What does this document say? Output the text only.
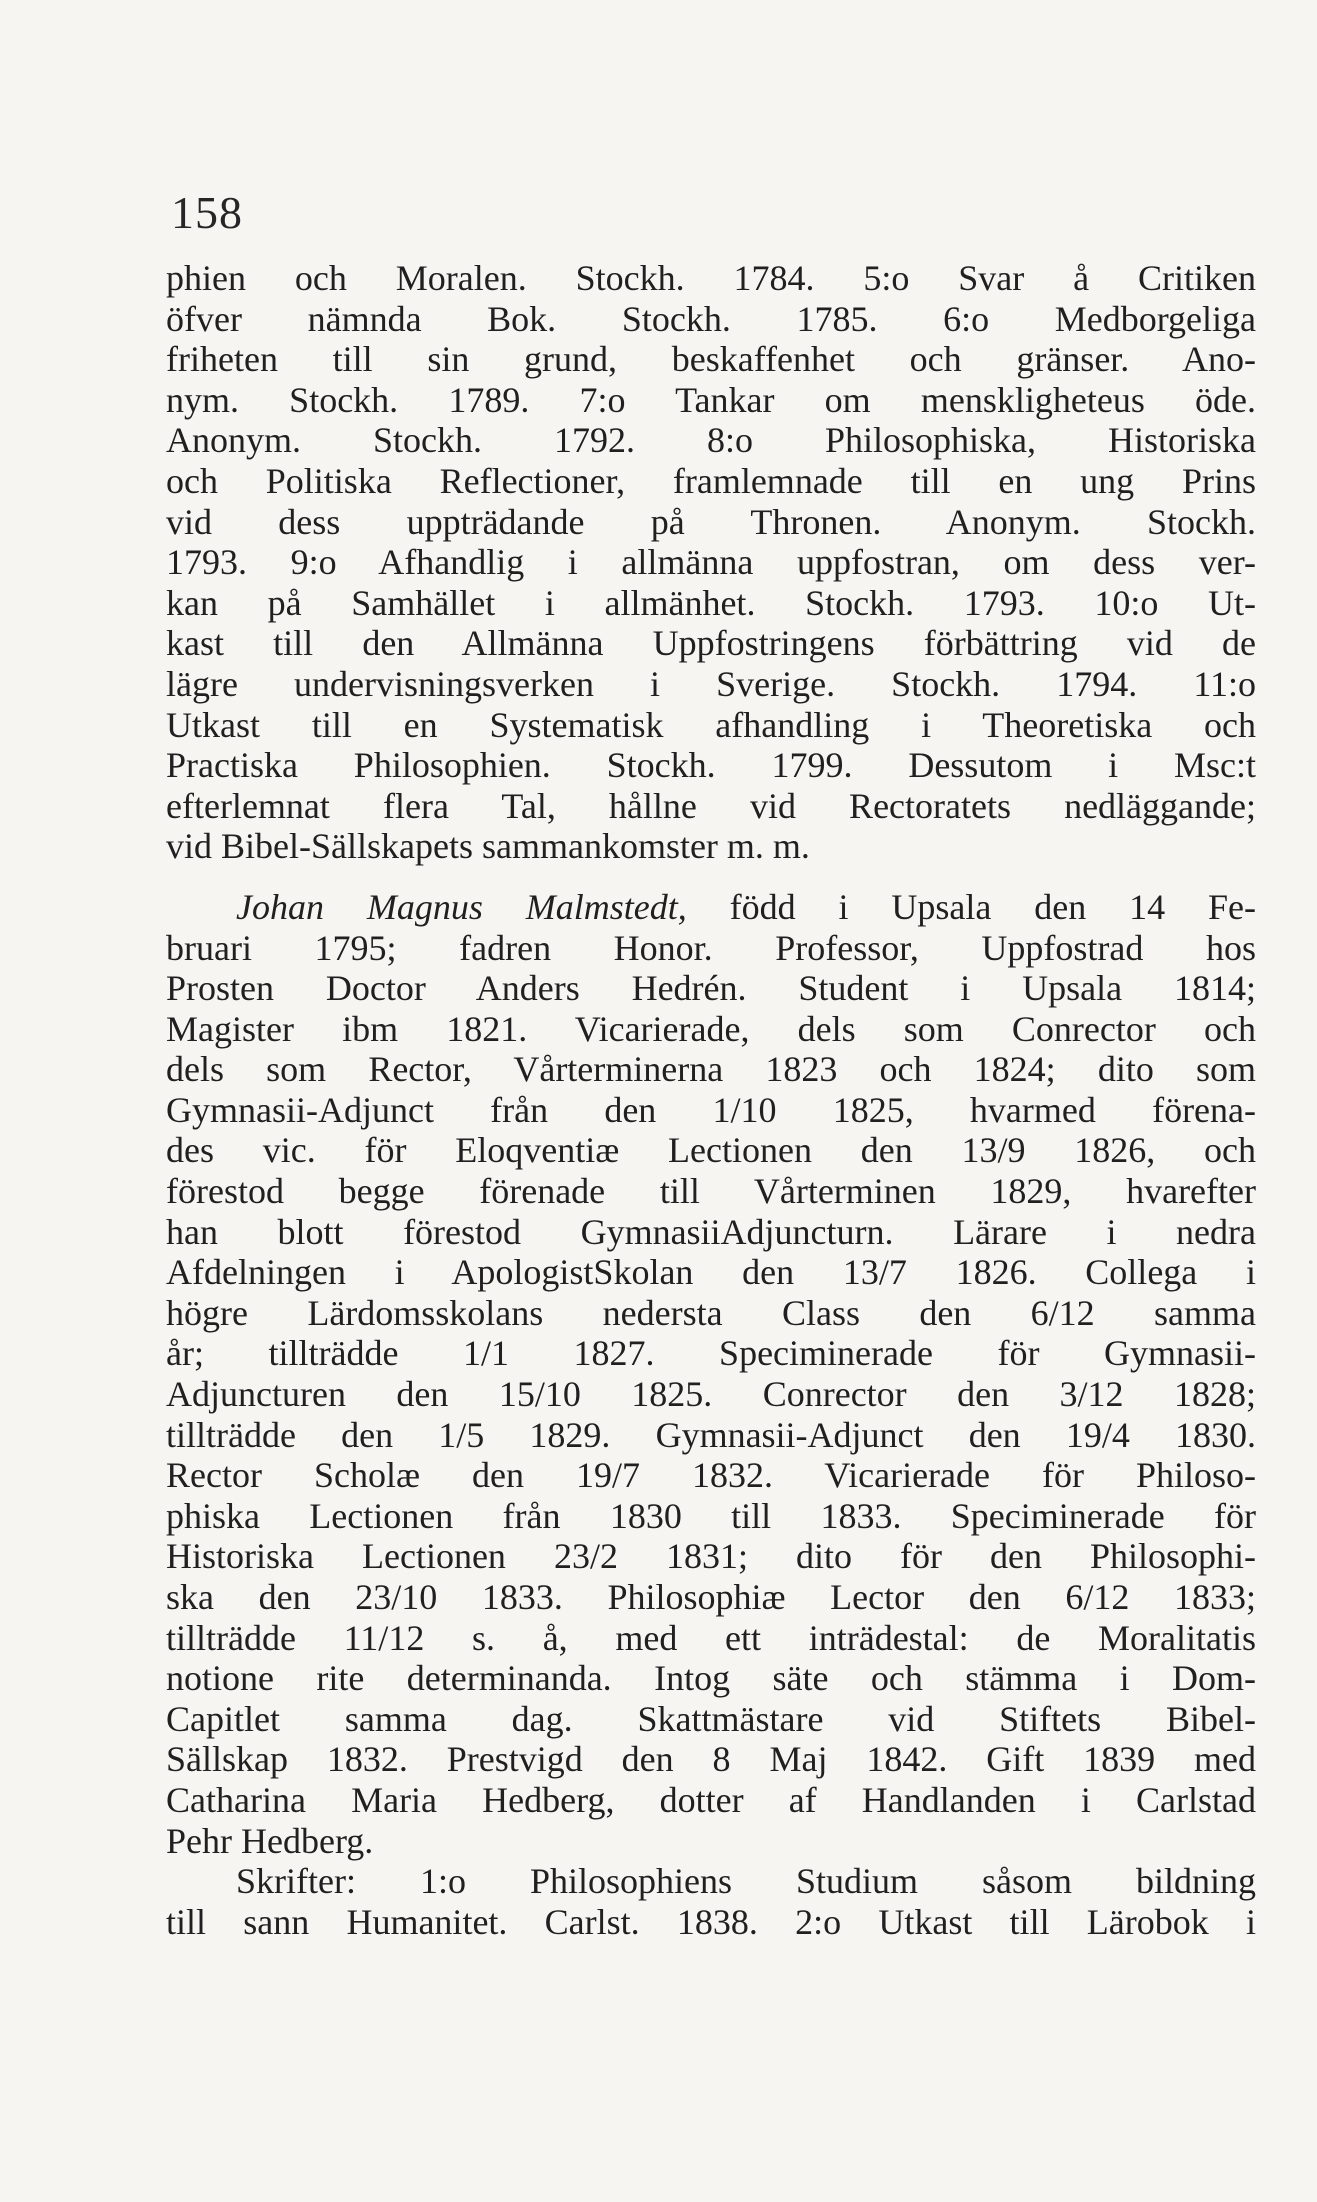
158
phien och Moralen. Stockh. 1784. 5:o Svar å Critiken
öfver nämnda Bok. Stockh. 1785. 6:o Medborgeliga
friheten till sin grund, beskaffenhet och gränser. Ano-
nym. Stockh. 1789. 7:o Tankar om menskligheteus öde.
Anonym. Stockh. 1792. 8:o Philosophiska, Historiska
och Politiska Reflectioner, framlemnade till en ung Prins
vid dess uppträdande på Thronen. Anonym. Stockh.
1793. 9:o Afhandlig i allmänna uppfostran, om dess ver-
kan på Samhället i allmänhet. Stockh. 1793. 10:o Ut-
kast till den Allmänna Uppfostringens förbättring vid de
lägre undervisningsverken i Sverige. Stockh. 1794. 11:o
Utkast till en Systematisk afhandling i Theoretiska och
Practiska Philosophien. Stockh. 1799. Dessutom i Msc:t
efterlemnat flera Tal, hållne vid Rectoratets nedläggande;
vid Bibel-Sällskapets sammankomster m. m.
Johan Magnus Malmstedt, född i Upsala den 14 Fe-
bruari 1795; fadren Honor. Professor, Uppfostrad hos
Prosten Doctor Anders Hedrén. Student i Upsala 1814;
Magister ibm 1821. Vicarierade, dels som Conrector och
dels som Rector, Vårterminerna 1823 och 1824; dito som
Gymnasii-Adjunct från den 1/10 1825, hvarmed förena-
des vic. för Eloqventiæ Lectionen den 13/9 1826, och
förestod begge förenade till Vårterminen 1829, hvarefter
han blott förestod GymnasiiAdjuncturn. Lärare i nedra
Afdelningen i ApologistSkolan den 13/7 1826. Collega i
högre Lärdomsskolans nedersta Class den 6/12 samma
år; tillträdde 1/1 1827. Speciminerade för Gymnasii-
Adjuncturen den 15/10 1825. Conrector den 3/12 1828;
tillträdde den 1/5 1829. Gymnasii-Adjunct den 19/4 1830.
Rector Scholæ den 19/7 1832. Vicarierade för Philoso-
phiska Lectionen från 1830 till 1833. Speciminerade för
Historiska Lectionen 23/2 1831; dito för den Philosophi-
ska den 23/10 1833. Philosophiæ Lector den 6/12 1833;
tillträdde 11/12 s. å, med ett inträdestal: de Moralitatis
notione rite determinanda. Intog säte och stämma i Dom-
Capitlet samma dag. Skattmästare vid Stiftets Bibel-
Sällskap 1832. Prestvigd den 8 Maj 1842. Gift 1839 med
Catharina Maria Hedberg, dotter af Handlanden i Carlstad
Pehr Hedberg.
Skrifter: 1:o Philosophiens Studium såsom bildning
till sann Humanitet. Carlst. 1838. 2:o Utkast till Lärobok i
